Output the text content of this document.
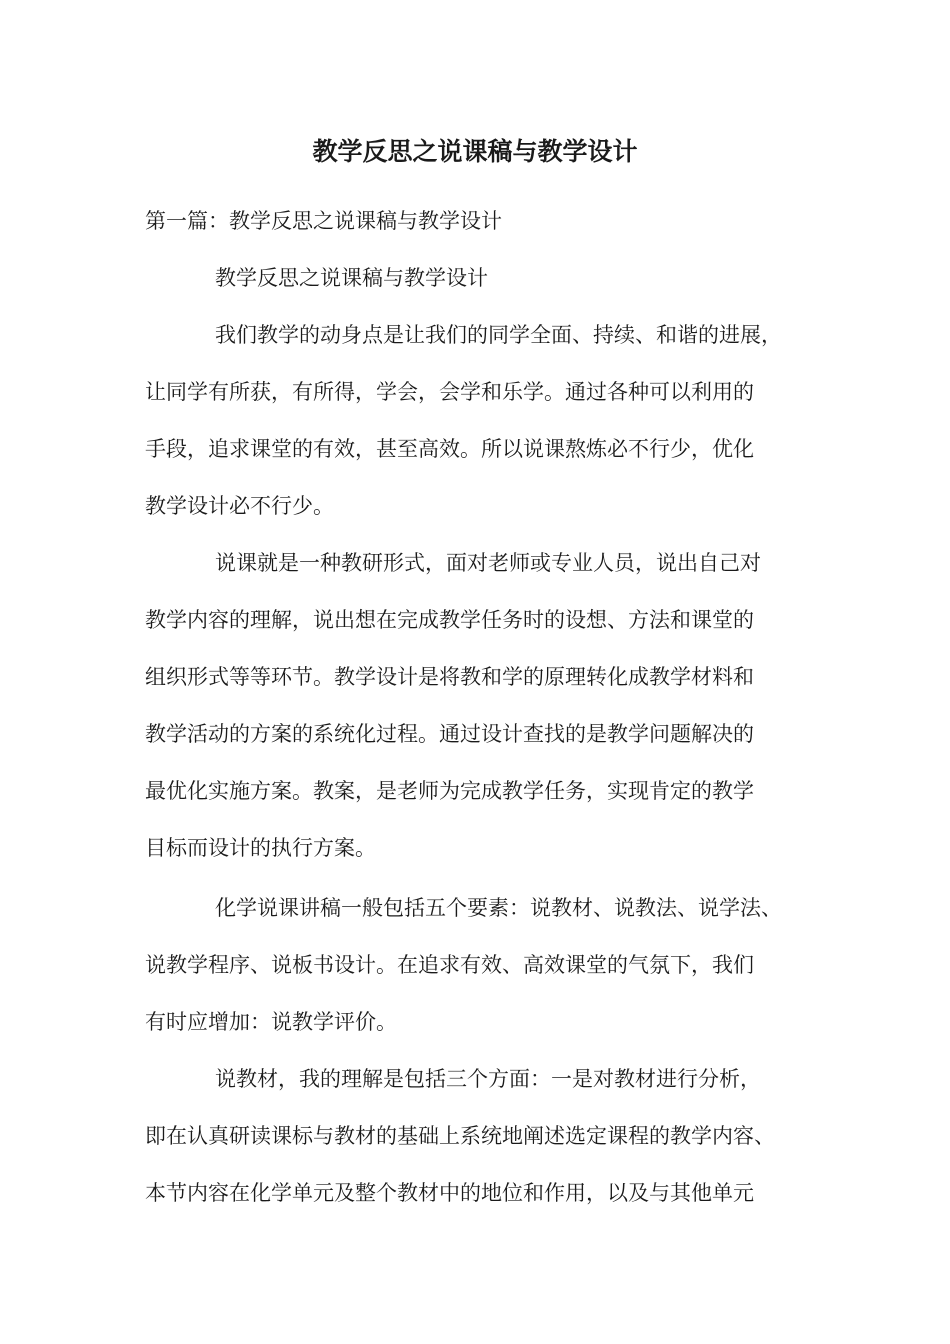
教学反思之说课稿与教学设计

第一篇：教学反思之说课稿与教学设计

教学反思之说课稿与教学设计

我们教学的动身点是让我们的同学全面、持续、和谐的进展，

让同学有所获，有所得，学会，会学和乐学。通过各种可以利用的

手段，追求课堂的有效，甚至高效。所以说课熬炼必不行少，优化

教学设计必不行少。

说课就是一种教研形式，面对老师或专业人员，说出自己对

教学内容的理解，说出想在完成教学任务时的设想、方法和课堂的

组织形式等等环节。教学设计是将教和学的原理转化成教学材料和

教学活动的方案的系统化过程。通过设计查找的是教学问题解决的

最优化实施方案。教案，是老师为完成教学任务，实现肯定的教学

目标而设计的执行方案。

化学说课讲稿一般包括五个要素：说教材、说教法、说学法、

说教学程序、说板书设计。在追求有效、高效课堂的气氛下，我们

有时应增加：说教学评价。

说教材，我的理解是包括三个方面：一是对教材进行分析，

即在认真研读课标与教材的基础上系统地阐述选定课程的教学内容、

本节内容在化学单元及整个教材中的地位和作用，以及与其他单元
